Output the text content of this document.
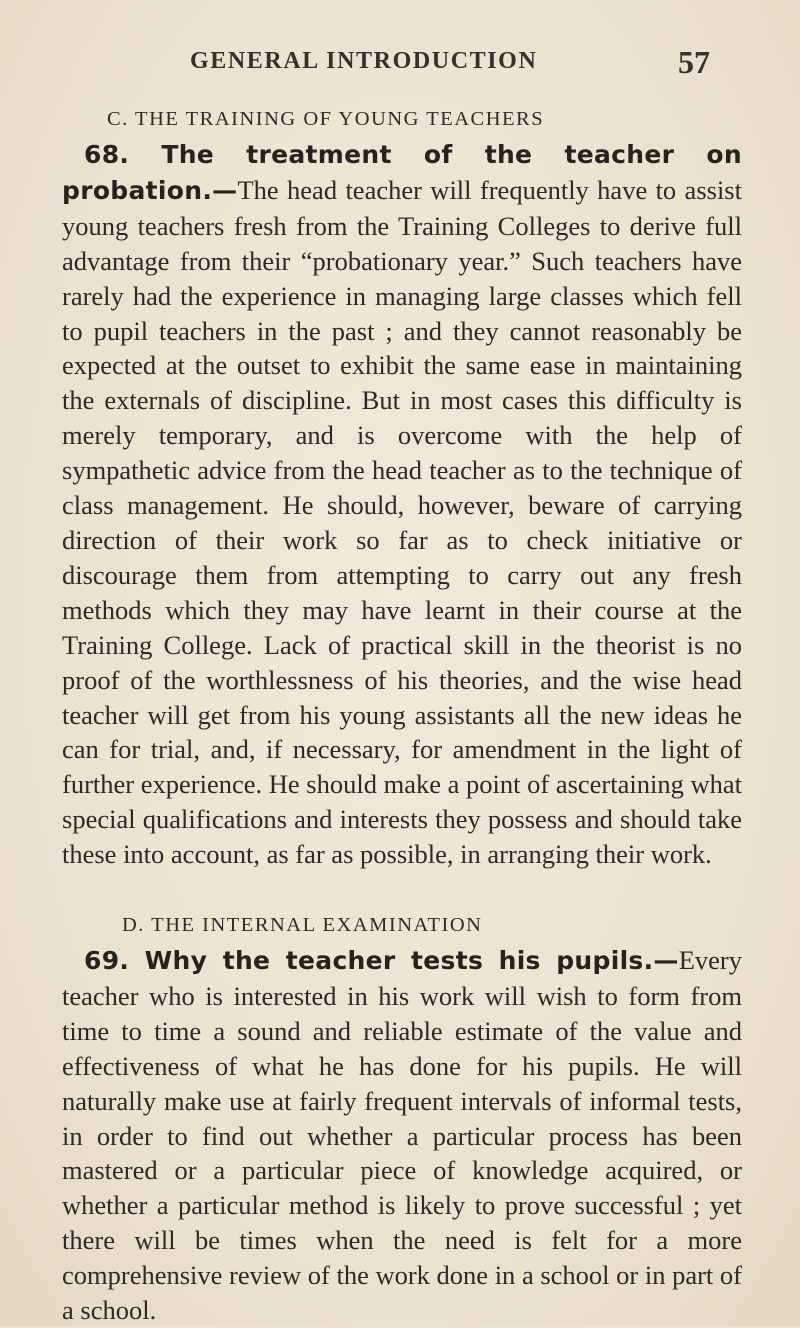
GENERAL INTRODUCTION	57
C. THE TRAINING OF YOUNG TEACHERS

68. The treatment of the teacher on probation.—The head teacher will frequently have to assist young teachers fresh from the Training Colleges to derive full advantage from their “probationary year.” Such teachers have rarely had the experience in managing large classes which fell to pupil teachers in the past ; and they cannot reasonably be expected at the outset to exhibit the same ease in maintaining the externals of discipline. But in most cases this difficulty is merely temporary, and is overcome with the help of sympathetic advice from the head teacher as to the technique of class management. He should, however, beware of carrying direction of their work so far as to check initiative or discourage them from attempting to carry out any fresh methods which they may have learnt in their course at the Training College. Lack of practical skill in the theorist is no proof of the worthlessness of his theories, and the wise head teacher will get from his young assistants all the new ideas he can for trial, and, if necessary, for amendment in the light of further experience. He should make a point of ascertaining what special qualifications and interests they possess and should take these into account, as far as possible, in arranging their work.

D. THE INTERNAL EXAMINATION

69. Why the teacher tests his pupils.—Every teacher who is interested in his work will wish to form from time to time a sound and reliable estimate of the value and effectiveness of what he has done for his pupils. He will naturally make use at fairly frequent intervals of informal tests, in order to find out whether a particular process has been mastered or a particular piece of knowledge acquired, or whether a particular method is likely to prove successful ; yet there will be times when the need is felt for a more comprehensive review of the work done in a school or in part of a school.
